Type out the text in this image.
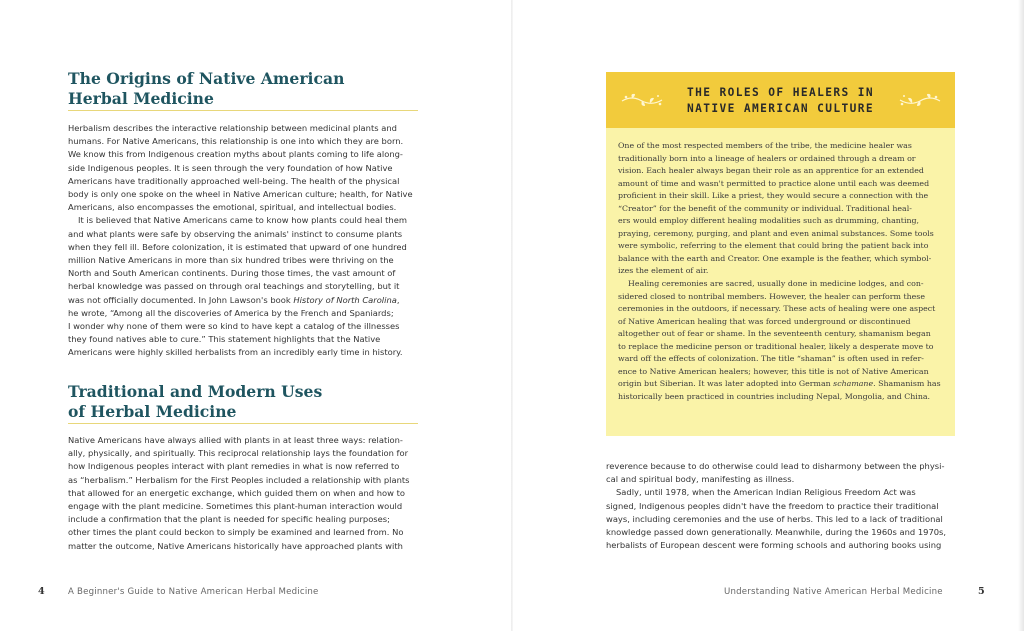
The Origins of Native American
Herbal Medicine
Herbalism describes the interactive relationship between medicinal plants and
humans. For Native Americans, this relationship is one into which they are born.
We know this from Indigenous creation myths about plants coming to life along-
side Indigenous peoples. It is seen through the very foundation of how Native
Americans have traditionally approached well-being. The health of the physical
body is only one spoke on the wheel in Native American culture; health, for Native
Americans, also encompasses the emotional, spiritual, and intellectual bodies.
It is believed that Native Americans came to know how plants could heal them
and what plants were safe by observing the animals' instinct to consume plants
when they fell ill. Before colonization, it is estimated that upward of one hundred
million Native Americans in more than six hundred tribes were thriving on the
North and South American continents. During those times, the vast amount of
herbal knowledge was passed on through oral teachings and storytelling, but it
was not officially documented. In John Lawson's book History of North Carolina,
he wrote, “Among all the discoveries of America by the French and Spaniards;
I wonder why none of them were so kind to have kept a catalog of the illnesses
they found natives able to cure.” This statement highlights that the Native
Americans were highly skilled herbalists from an incredibly early time in history.
Traditional and Modern Uses
of Herbal Medicine
Native Americans have always allied with plants in at least three ways: relation-
ally, physically, and spiritually. This reciprocal relationship lays the foundation for
how Indigenous peoples interact with plant remedies in what is now referred to
as “herbalism.” Herbalism for the First Peoples included a relationship with plants
that allowed for an energetic exchange, which guided them on when and how to
engage with the plant medicine. Sometimes this plant-human interaction would
include a confirmation that the plant is needed for specific healing purposes;
other times the plant could beckon to simply be examined and learned from. No
matter the outcome, Native Americans historically have approached plants with
4	A Beginner's Guide to Native American Herbal Medicine
THE ROLES OF HEALERS IN
NATIVE AMERICAN CULTURE
One of the most respected members of the tribe, the medicine healer was
traditionally born into a lineage of healers or ordained through a dream or
vision. Each healer always began their role as an apprentice for an extended
amount of time and wasn't permitted to practice alone until each was deemed
proficient in their skill. Like a priest, they would secure a connection with the
“Creator” for the benefit of the community or individual. Traditional heal-
ers would employ different healing modalities such as drumming, chanting,
praying, ceremony, purging, and plant and even animal substances. Some tools
were symbolic, referring to the element that could bring the patient back into
balance with the earth and Creator. One example is the feather, which symbol-
izes the element of air.
Healing ceremonies are sacred, usually done in medicine lodges, and con-
sidered closed to nontribal members. However, the healer can perform these
ceremonies in the outdoors, if necessary. These acts of healing were one aspect
of Native American healing that was forced underground or discontinued
altogether out of fear or shame. In the seventeenth century, shamanism began
to replace the medicine person or traditional healer, likely a desperate move to
ward off the effects of colonization. The title “shaman” is often used in refer-
ence to Native American healers; however, this title is not of Native American
origin but Siberian. It was later adopted into German schamane. Shamanism has
historically been practiced in countries including Nepal, Mongolia, and China.
reverence because to do otherwise could lead to disharmony between the physi-
cal and spiritual body, manifesting as illness.
Sadly, until 1978, when the American Indian Religious Freedom Act was
signed, Indigenous peoples didn't have the freedom to practice their traditional
ways, including ceremonies and the use of herbs. This led to a lack of traditional
knowledge passed down generationally. Meanwhile, during the 1960s and 1970s,
herbalists of European descent were forming schools and authoring books using
Understanding Native American Herbal Medicine	5
